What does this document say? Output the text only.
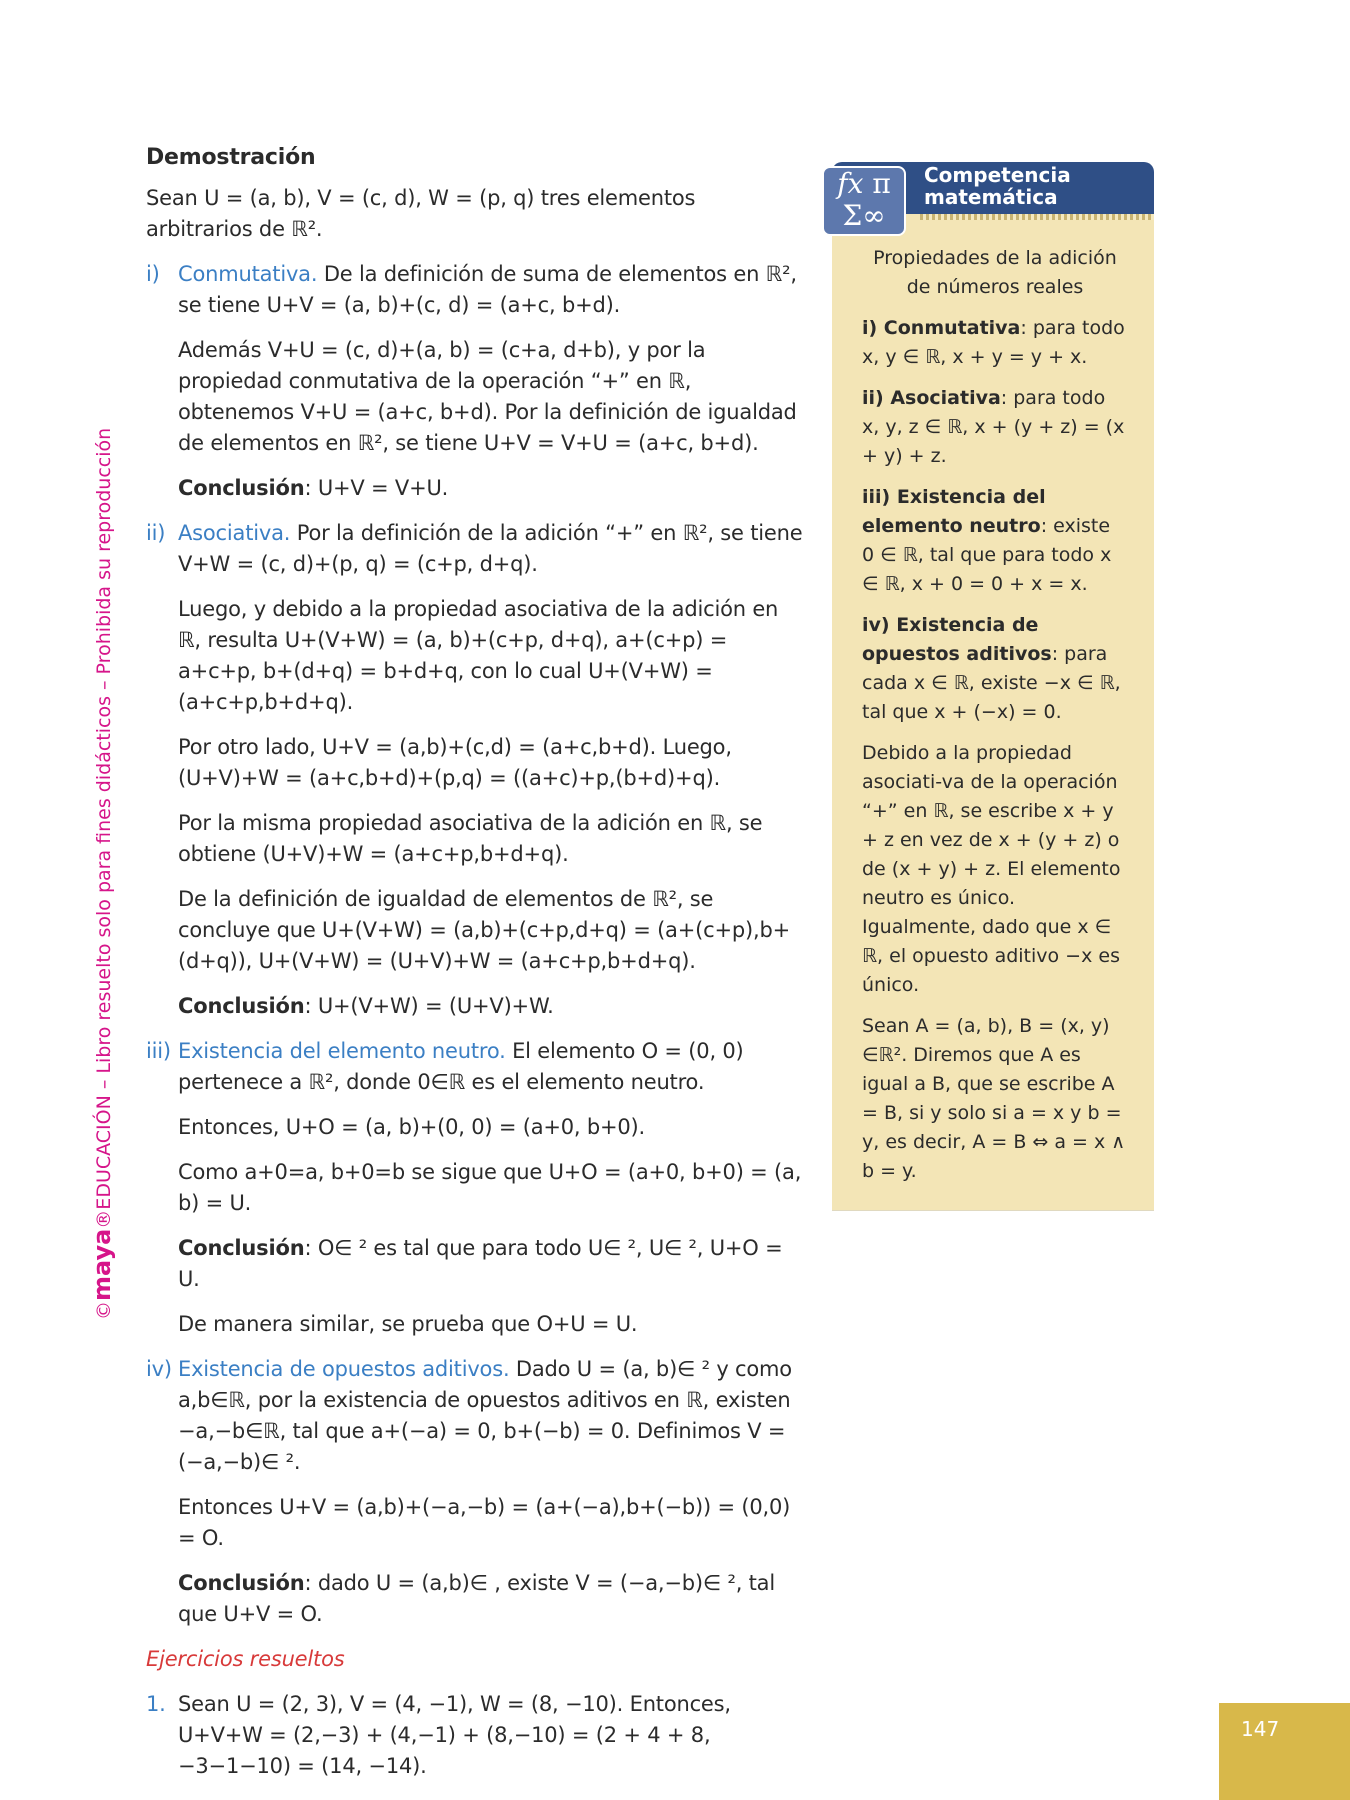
©maya®EDUCACIÓN – Libro resuelto solo para fines didácticos – Prohibida su reproducción

Demostración

Sean U = (a, b), V = (c, d), W = (p, q) tres elementos arbitrarios de ℝ².

i) Conmutativa. De la definición de suma de elementos en ℝ², se tiene U+V = (a, b)+(c, d) = (a+c, b+d).

Además V+U = (c, d)+(a, b) = (c+a, d+b), y por la propiedad conmutativa de la operación “+” en ℝ, obtenemos V+U = (a+c, b+d). Por la definición de igualdad de elementos en ℝ², se tiene U+V = V+U = (a+c, b+d).

Conclusión: U+V = V+U.

ii) Asociativa. Por la definición de la adición “+” en ℝ², se tiene V+W = (c, d)+(p, q) = (c+p, d+q).

Luego, y debido a la propiedad asociativa de la adición en ℝ, resulta U+(V+W) = (a, b)+(c+p, d+q), a+(c+p) = a+c+p, b+(d+q) = b+d+q, con lo cual U+(V+W) = (a+c+p,b+d+q).

Por otro lado, U+V = (a,b)+(c,d) = (a+c,b+d). Luego, (U+V)+W = (a+c,b+d)+(p,q) = ((a+c)+p,(b+d)+q).

Por la misma propiedad asociativa de la adición en ℝ, se obtiene (U+V)+W = (a+c+p,b+d+q).

De la definición de igualdad de elementos de ℝ², se concluye que U+(V+W) = (a,b)+(c+p,d+q) = (a+(c+p),b+(d+q)), U+(V+W) = (U+V)+W = (a+c+p,b+d+q).

Conclusión: U+(V+W) = (U+V)+W.

iii) Existencia del elemento neutro. El elemento O = (0, 0) pertenece a ℝ², donde 0∈ℝ es el elemento neutro.

Entonces, U+O = (a, b)+(0, 0) = (a+0, b+0).

Como a+0=a, b+0=b se sigue que U+O = (a+0, b+0) = (a, b) = U.

Conclusión: O∈ ² es tal que para todo U∈ ², U∈ ², U+O = U.

De manera similar, se prueba que O+U = U.

iv) Existencia de opuestos aditivos. Dado U = (a, b)∈ ² y como a,b∈ℝ, por la existencia de opuestos aditivos en ℝ, existen −a,−b∈ℝ, tal que a+(−a) = 0, b+(−b) = 0. Definimos V = (−a,−b)∈ ².

Entonces U+V = (a,b)+(−a,−b) = (a+(−a),b+(−b)) = (0,0) = O.

Conclusión: dado U = (a,b)∈ , existe V = (−a,−b)∈ ², tal que U+V = O.

Ejercicios resueltos

1. Sean U = (2, 3), V = (4, −1), W = (8, −10). Entonces,
U+V+W = (2,−3) + (4,−1) + (8,−10) = (2 + 4 + 8, −3−1−10) = (14, −14).

𝑓𝑥 π
Σ∞
Competencia
matemática

Propiedades de la adición de números reales

i) Conmutativa: para todo x, y ∈ ℝ, x + y = y + x.

ii) Asociativa: para todo x, y, z ∈ ℝ, x + (y + z) = (x + y) + z.

iii) Existencia del elemento neutro: existe 0 ∈ ℝ, tal que para todo x ∈ ℝ, x + 0 = 0 + x = x.

iv) Existencia de opuestos aditivos: para cada x ∈ ℝ, existe −x ∈ ℝ, tal que x + (−x) = 0.

Debido a la propiedad asociati-va de la operación “+” en ℝ, se escribe x + y + z en vez de x + (y + z) o de (x + y) + z. El elemento neutro es único. Igualmente, dado que x ∈ ℝ, el opuesto aditivo −x es único.

Sean A = (a, b), B = (x, y) ∈ℝ². Diremos que A es igual a B, que se escribe A = B, si y solo si a = x y b = y, es decir, A = B ⇔ a = x ∧ b = y.

147
